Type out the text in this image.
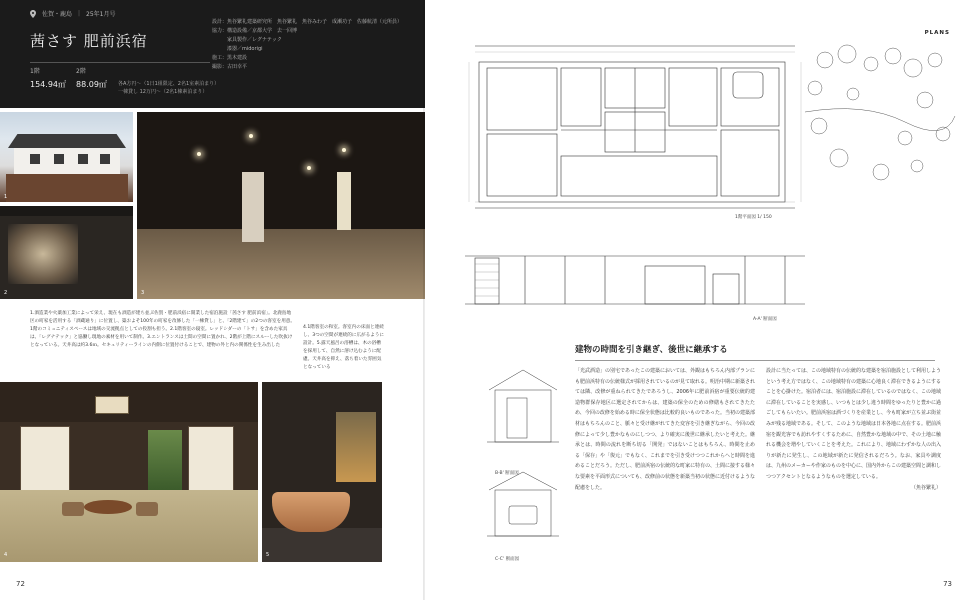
佐賀・鹿島 | 25年1月号
茜さす 肥前浜宿
1階
154.94㎡
2階
88.09㎡ 各A方円〜（1日1組限定、2名1室素泊まり）
一棟貸し 12万円〜（2名1棟素泊まり）
設計：魚谷繁礼建築研究所　魚谷繁礼　魚谷みわ子　成瀬功子　佐藤航清（元所員）
協力：構造設備／京都大学　去一回博
　　　家具製作／レグナテック
　　　漆器／midorigi
施工：黒木建設
撮影：古田幸平
1
2	3
1.酒造業や火薬加工業によって栄え、現在も酒造が建ち並ぶ佐賀・肥前浜宿に開業した宿泊施設「茜さす 肥前浜宿」。北鹿島地区の町家を活用する「酒蔵通り」に位置し、築およそ100年の町家を改修した「一棟貸し」と、「2階建て」の2つの客室を用意。1階のコミュニティスペースは地域の交流拠点としての役割も担う。2.1階客室の寝室。レッドシダーの「トサ」を含めた家具は、「レグナテック」と協働し現地の素材を用いて制作。3.エントランスは土間の空間に置かれ、2階が上階にスルーした吹抜けとなっている。天井高は約3.6ｍ。セキュリティーラインの内側に位置付けることで、建物の外と内の関係性を生み出した
4.1階客室の和室。客室内の床面と連続し、3つの空間が連続的に広がるように設計。5.露天風呂の浴槽は、木の浴槽を採用して、自然に溶け込むように配慮。天井高を抑え、落ち着いた雰囲気となっている
4	5
72
PLANS
1階平面図 1/ 150
A-A' 断面図
B-B' 断面図
C-C' 断面図
建物の時間を引き継ぎ、後世に継承する
「光武酒造」の別宅であったこの建築においては、外観はもちろん内部プランにも肥前浜特有の伝統様式が採用されているのが見て取れる。明治中期に新築されては隣、改修が重ねられてきたであろうし、2006年に肥前浜宿が重要伝統的建造物群保存地区に選定されてからは、建築の保全のための修繕もされてきたため、今回の改修を始める時に保全状態は比較的良いものであった。当初の建築部材はもちろんのこと、脈々と受け継がれてきた変容を引き継ぎながら、今回の改修によって少し豊かなものにしつつ、より確実に後世に継承したいと考えた。継承とは、時間の流れを断ち切る「開発」ではないことはもちろん、時間を止める「保存」や「復元」でもなく、これまでを引き受けつつこれからへと時間を進めることだろう。ただし、肥前浜宿の伝統的な町家に特有の、土間に接する様々な要素を平面形式についても、改修前の状態を新築当初の状態に近付けるような配慮をした。
設計に当たっては、この地域特有の伝統的な建築を宿泊施設として利用しようという考え方ではなく、この地域特有の建築に心地良く滞在できるようにすることを心掛けた。宿泊者には、宿泊施設に滞在しているのではなく、この地域に滞在していることを実感し、いつもとは少し違う時間をゆったりと豊かに過ごしてもらいたい。肥前浜宿は酒づくりを産業とし、今も町家が立ち並ぶ街並みが残る地域である。そして、このような地域は日本各地に点在する。肥前浜宿を観光客でも訪れやすくするために、自然豊かな地域の中で、その土地に触れる機会を増やしていくことを考えた。これにより、地域にわずかな人の出入りが新たに発生し、この地域が新たに発信されるだろう。なお、家具や調度は、九州のメーカーや作家のものを中心に、国内外からこの建築空間と調和しつつアクセントとなるようなものを選定している。
（魚谷繁礼）
73
